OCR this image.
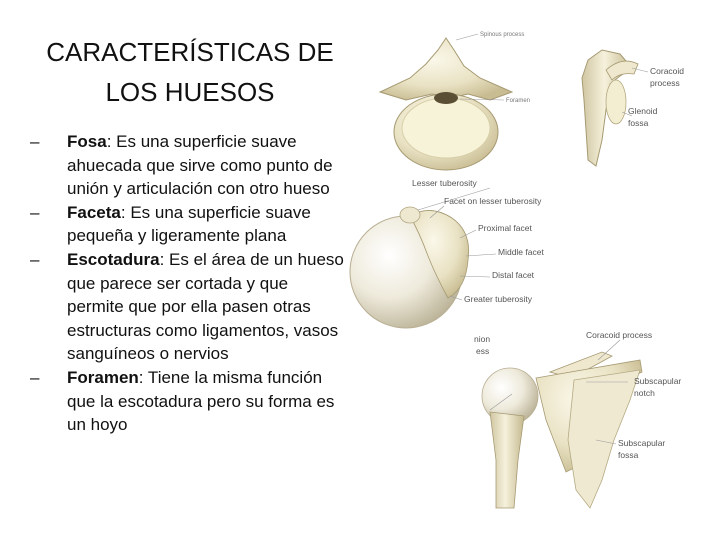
CARACTERÍSTICAS DE
LOS HUESOS
– Fosa: Es una superficie suave
ahuecada que sirve como punto de
unión y articulación con otro hueso
– Faceta: Es una superficie suave
pequeña y ligeramente plana
– Escotadura: Es el área de un hueso
que parece ser cortada y que
permite que por ella pasen otras
estructuras como ligamentos, vasos
sanguíneos o nervios
– Foramen: Tiene la misma función
que la escotadura pero su forma es
un hoyo
Spinous process
Foramen
Coracoid
process
Glenoid
fossa
Lesser tuberosity
Facet on lesser tuberosity
Proximal facet
Middle facet
Distal facet
Greater tuberosity
nion
ess
Coracoid process
Subscapular
notch
Subscapular
fossa
